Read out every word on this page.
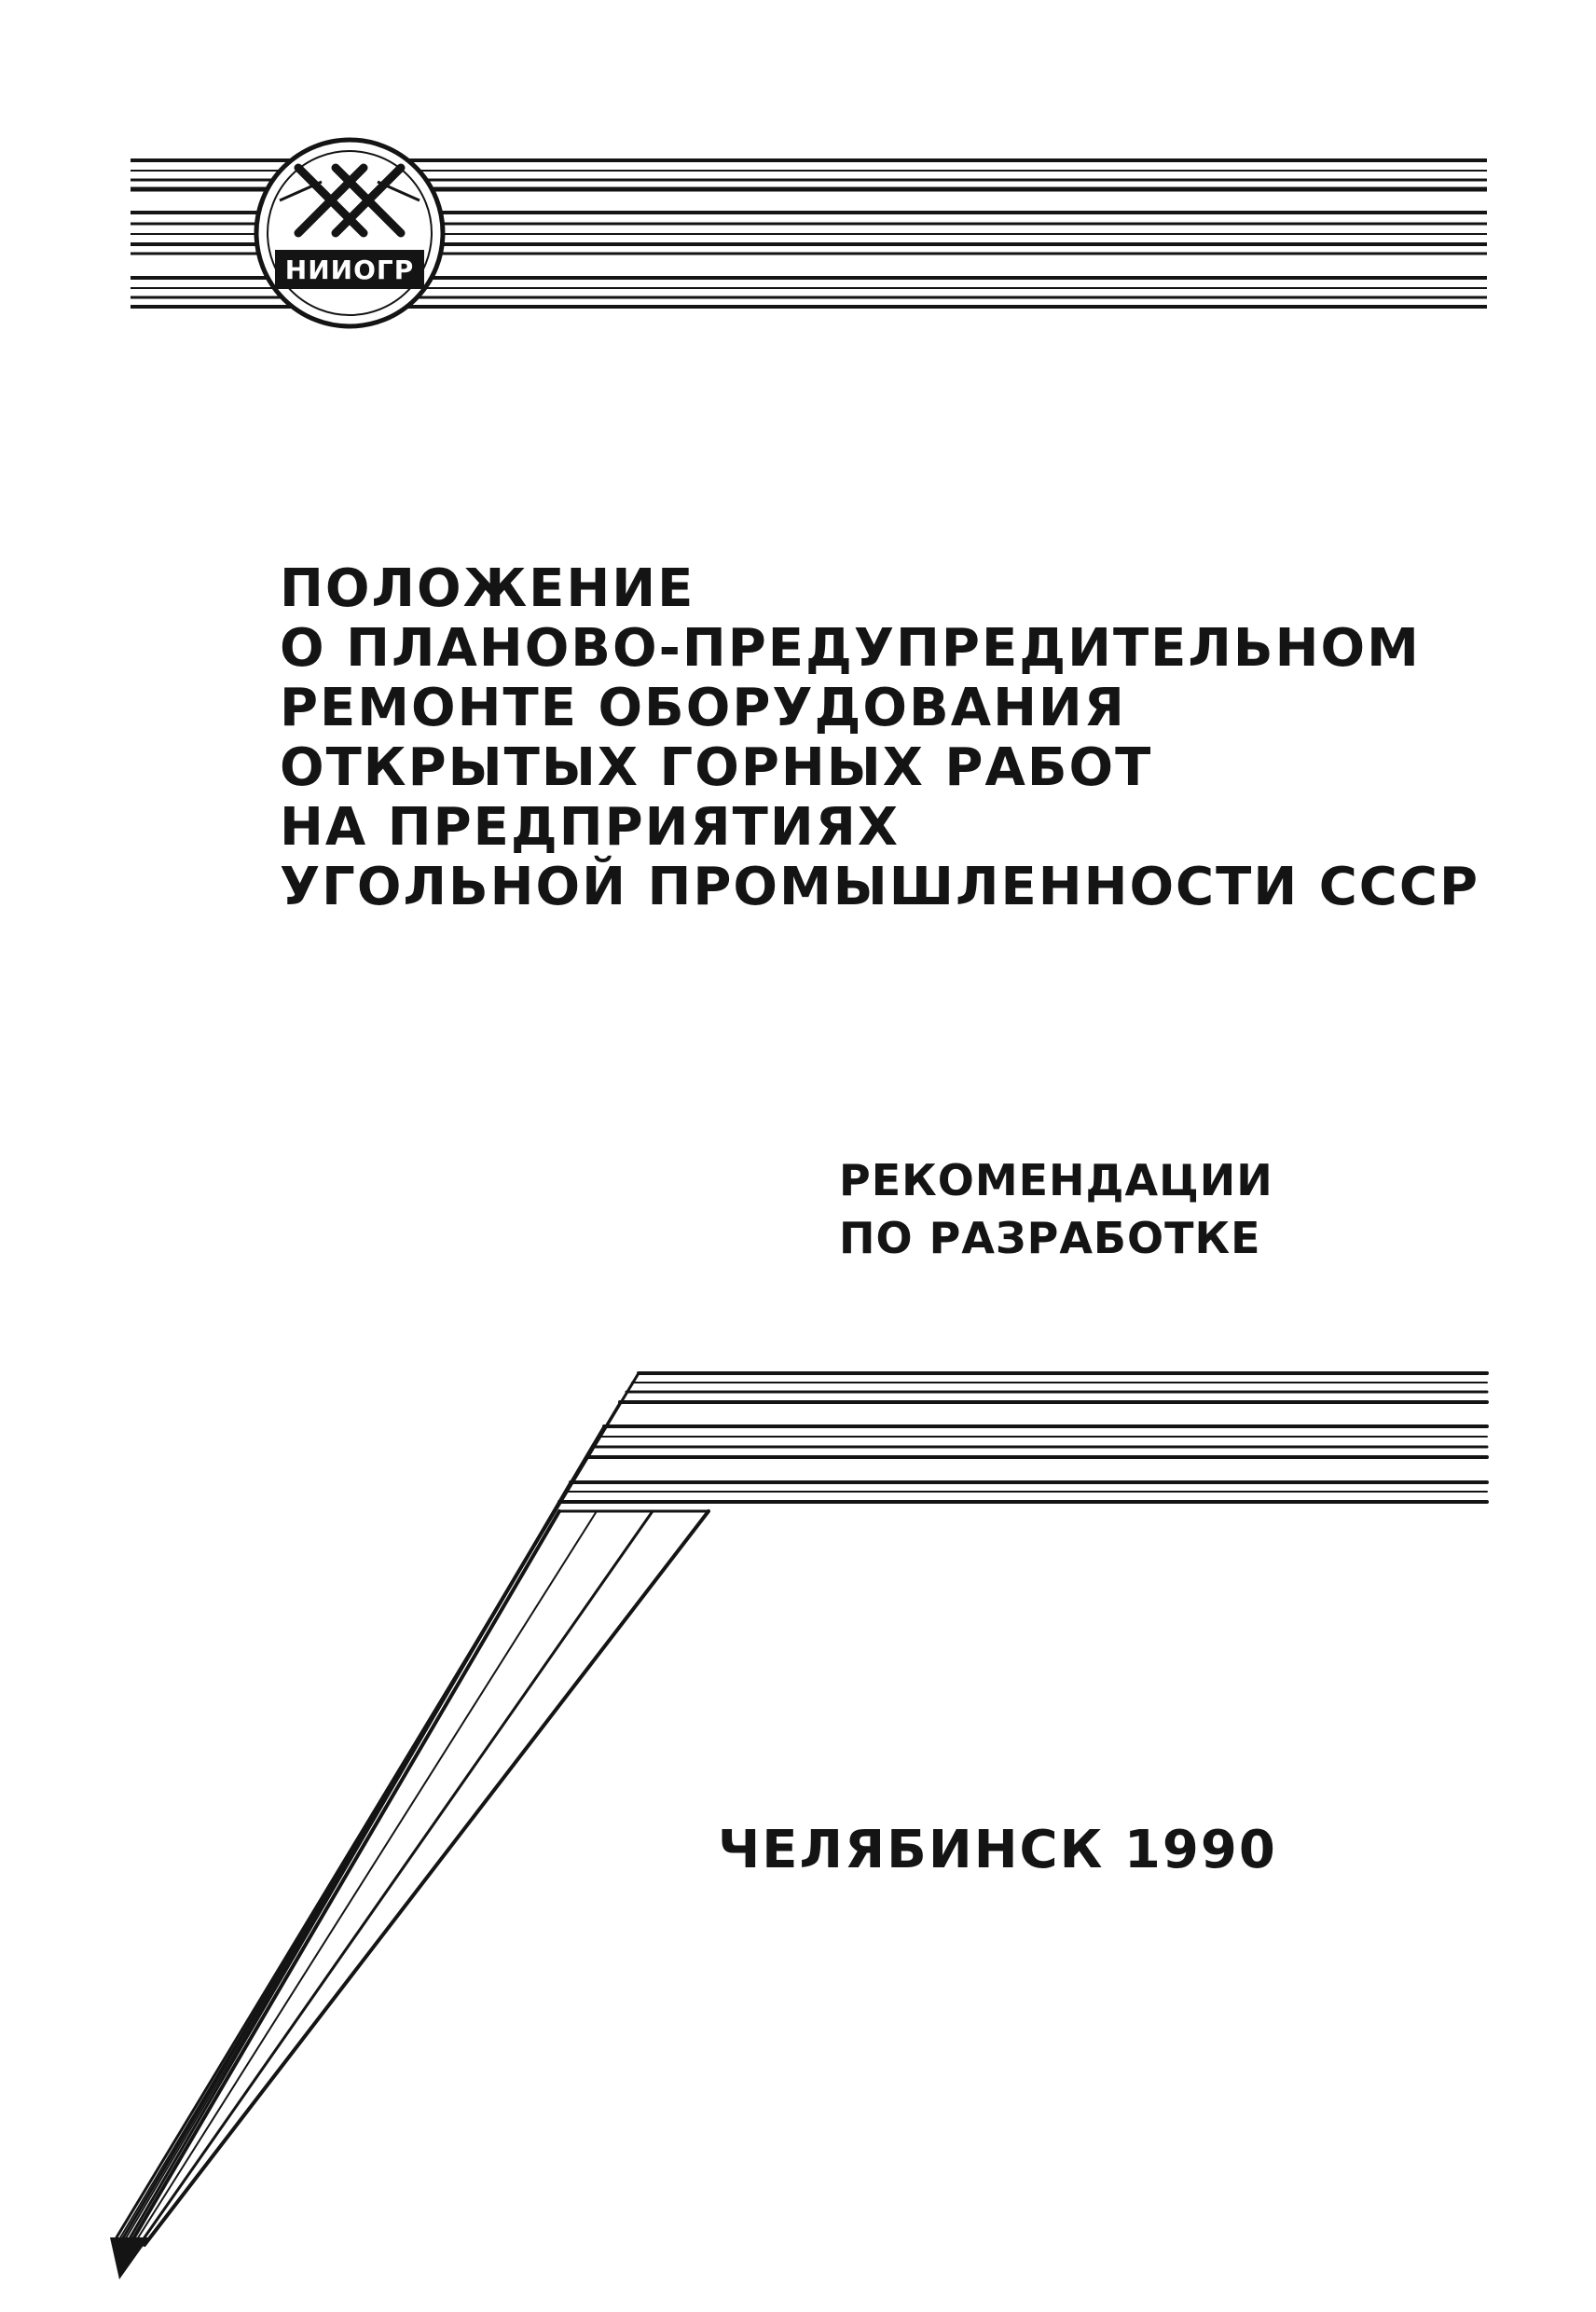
НИИОГР
ПОЛОЖЕНИЕ
О ПЛАНОВО-ПРЕДУПРЕДИТЕЛЬНОМ
РЕМОНТЕ ОБОРУДОВАНИЯ
ОТКРЫТЫХ ГОРНЫХ РАБОТ
НА ПРЕДПРИЯТИЯХ
УГОЛЬНОЙ ПРОМЫШЛЕННОСТИ СССР
РЕКОМЕНДАЦИИ
ПО РАЗРАБОТКЕ
ЧЕЛЯБИНСК 1990
